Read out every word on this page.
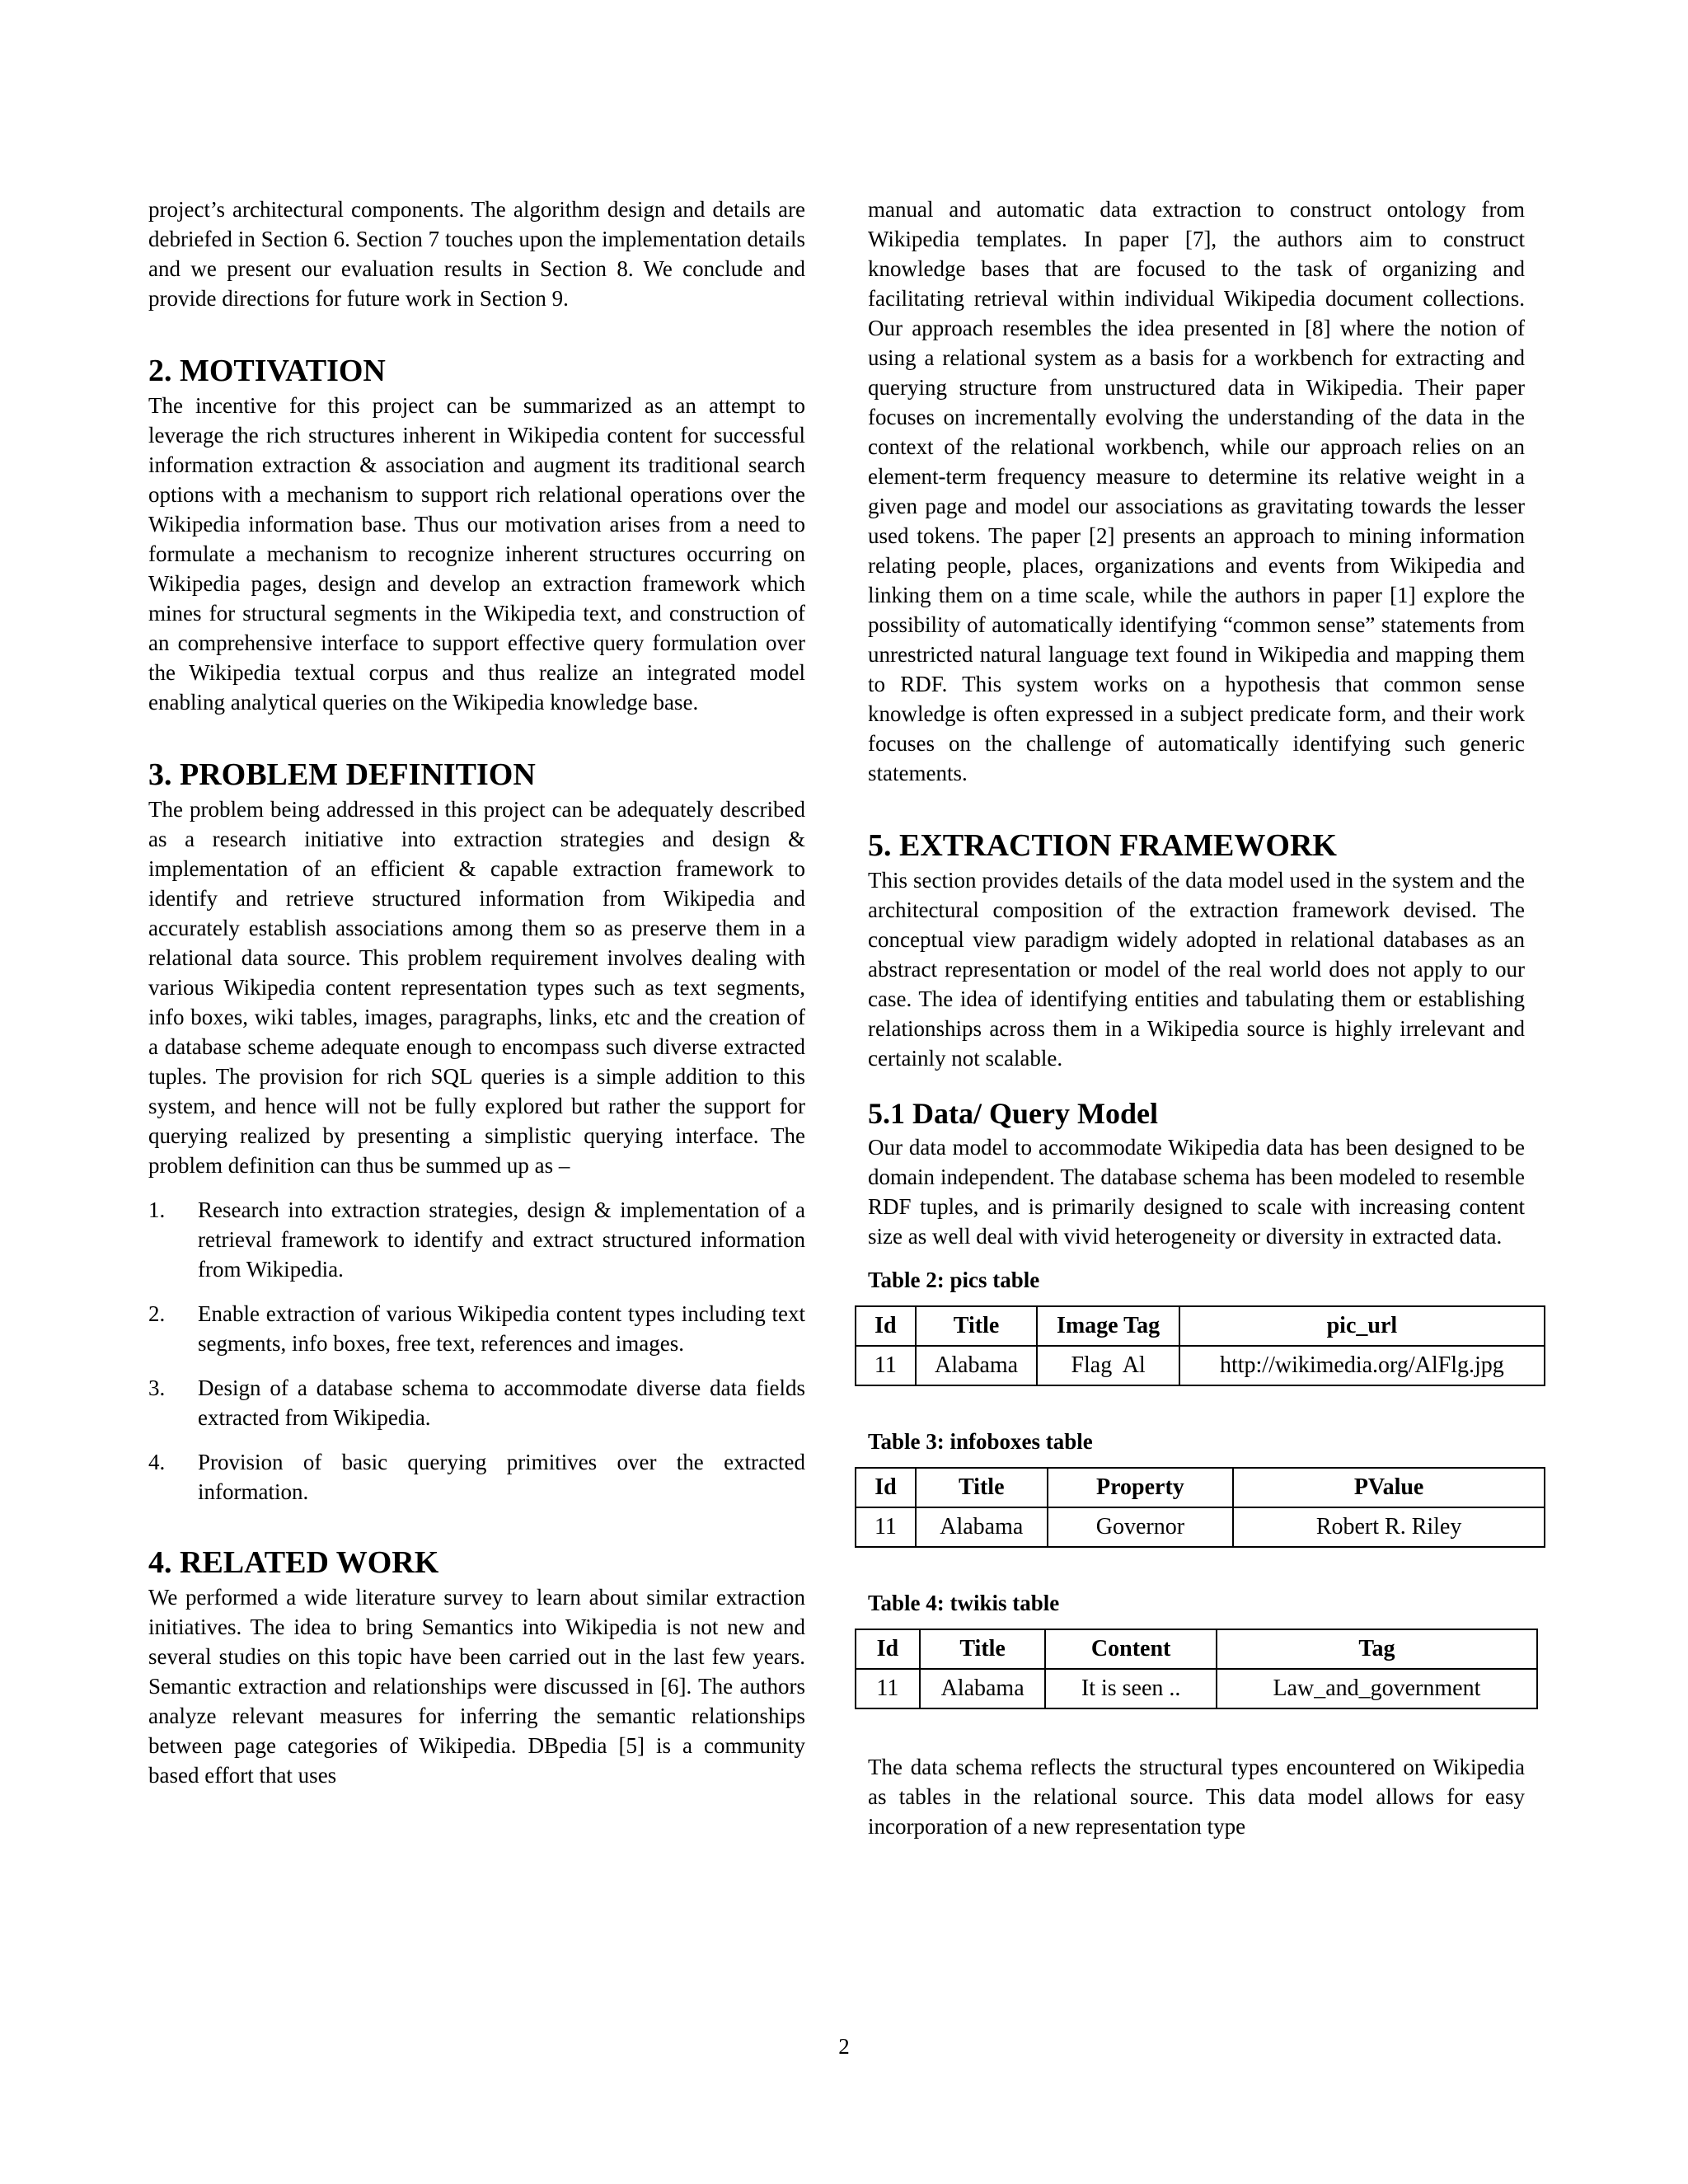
project’s architectural components. The algorithm design and details are debriefed in Section 6. Section 7 touches upon the implementation details and we present our evaluation results in Section 8. We conclude and provide directions for future work in Section 9.

2. MOTIVATION

The incentive for this project can be summarized as an attempt to leverage the rich structures inherent in Wikipedia content for successful information extraction & association and augment its traditional search options with a mechanism to support rich relational operations over the Wikipedia information base. Thus our motivation arises from a need to formulate a mechanism to recognize inherent structures occurring on Wikipedia pages, design and develop an extraction framework which mines for structural segments in the Wikipedia text, and construction of an comprehensive interface to support effective query formulation over the Wikipedia textual corpus and thus realize an integrated model enabling analytical queries on the Wikipedia knowledge base.

3. PROBLEM DEFINITION

The problem being addressed in this project can be adequately described as a research initiative into extraction strategies and design & implementation of an efficient & capable extraction framework to identify and retrieve structured information from Wikipedia and accurately establish associations among them so as preserve them in a relational data source. This problem requirement involves dealing with various Wikipedia content representation types such as text segments, info boxes, wiki tables, images, paragraphs, links, etc and the creation of a database scheme adequate enough to encompass such diverse extracted tuples. The provision for rich SQL queries is a simple addition to this system, and hence will not be fully explored but rather the support for querying realized by presenting a simplistic querying interface. The problem definition can thus be summed up as –

1. Research into extraction strategies, design & implementation of a retrieval framework to identify and extract structured information from Wikipedia.
2. Enable extraction of various Wikipedia content types including text segments, info boxes, free text, references and images.
3. Design of a database schema to accommodate diverse data fields extracted from Wikipedia.
4. Provision of basic querying primitives over the extracted information.
4. RELATED WORK

We performed a wide literature survey to learn about similar extraction initiatives. The idea to bring Semantics into Wikipedia is not new and several studies on this topic have been carried out in the last few years. Semantic extraction and relationships were discussed in [6]. The authors analyze relevant measures for inferring the semantic relationships between page categories of Wikipedia. DBpedia [5] is a community based effort that uses

manual and automatic data extraction to construct ontology from Wikipedia templates. In paper [7], the authors aim to construct knowledge bases that are focused to the task of organizing and facilitating retrieval within individual Wikipedia document collections. Our approach resembles the idea presented in [8] where the notion of using a relational system as a basis for a workbench for extracting and querying structure from unstructured data in Wikipedia. Their paper focuses on incrementally evolving the understanding of the data in the context of the relational workbench, while our approach relies on an element-term frequency measure to determine its relative weight in a given page and model our associations as gravitating towards the lesser used tokens. The paper [2] presents an approach to mining information relating people, places, organizations and events from Wikipedia and linking them on a time scale, while the authors in paper [1] explore the possibility of automatically identifying “common sense” statements from unrestricted natural language text found in Wikipedia and mapping them to RDF. This system works on a hypothesis that common sense knowledge is often expressed in a subject predicate form, and their work focuses on the challenge of automatically identifying such generic statements.

5. EXTRACTION FRAMEWORK

This section provides details of the data model used in the system and the architectural composition of the extraction framework devised. The conceptual view paradigm widely adopted in relational databases as an abstract representation or model of the real world does not apply to our case. The idea of identifying entities and tabulating them or establishing relationships across them in a Wikipedia source is highly irrelevant and certainly not scalable.

5.1 Data/ Query Model

Our data model to accommodate Wikipedia data has been designed to be domain independent. The database schema has been modeled to resemble RDF tuples, and is primarily designed to scale with increasing content size as well deal with vivid heterogeneity or diversity in extracted data.

Table 2: pics table

Id	Title	Image Tag	pic_url
11	Alabama	Flag  Al	http://wikimedia.org/AlFlg.jpg

Table 3: infoboxes table

Id	Title	Property	PValue
11	Alabama	Governor	Robert R. Riley

Table 4: twikis table

Id	Title	Content	Tag
11	Alabama	It is seen ..	Law_and_government

The data schema reflects the structural types encountered on Wikipedia as tables in the relational source. This data model allows for easy incorporation of a new representation type

2
